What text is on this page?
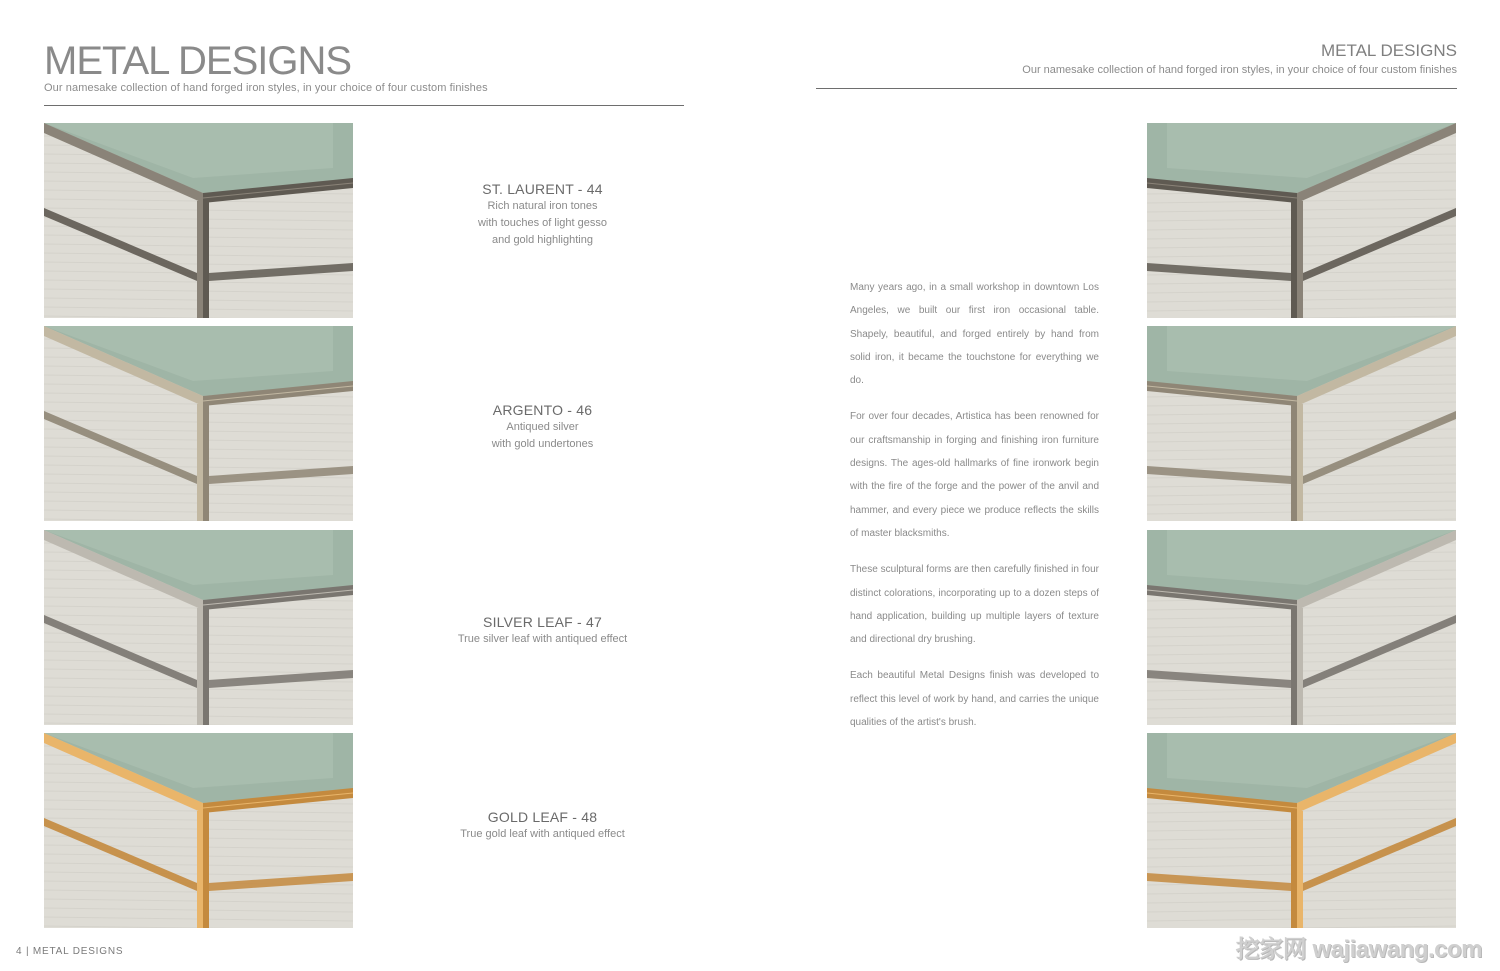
METAL DESIGNS
Our namesake collection of hand forged iron styles, in your choice of four custom finishes
METAL DESIGNS
Our namesake collection of hand forged iron styles, in your choice of four custom finishes
ST. LAURENT - 44
Rich natural iron tones
with touches of light gesso
and gold highlighting
ARGENTO - 46
Antiqued silver
with gold undertones
SILVER LEAF - 47
True silver leaf with antiqued effect
GOLD LEAF - 48
True gold leaf with antiqued effect

Many years ago, in a small workshop in downtown Los Angeles, we built our first iron occasional table. Shapely, beautiful, and forged entirely by hand from solid iron, it became the touchstone for everything we do.

For over four decades, Artistica has been renowned for our craftsmanship in forging and finishing iron furniture designs. The ages-old hallmarks of fine ironwork begin with the fire of the forge and the power of the anvil and hammer, and every piece we produce reflects the skills of master blacksmiths.

These sculptural forms are then carefully finished in four distinct colorations, incorporating up to a dozen steps of hand application, building up multiple layers of texture and directional dry brushing.

Each beautiful Metal Designs finish was developed to reflect this level of work by hand, and carries the unique qualities of the artist's brush.

4 | METAL DESIGNS	挖家网 wajiawang.com
